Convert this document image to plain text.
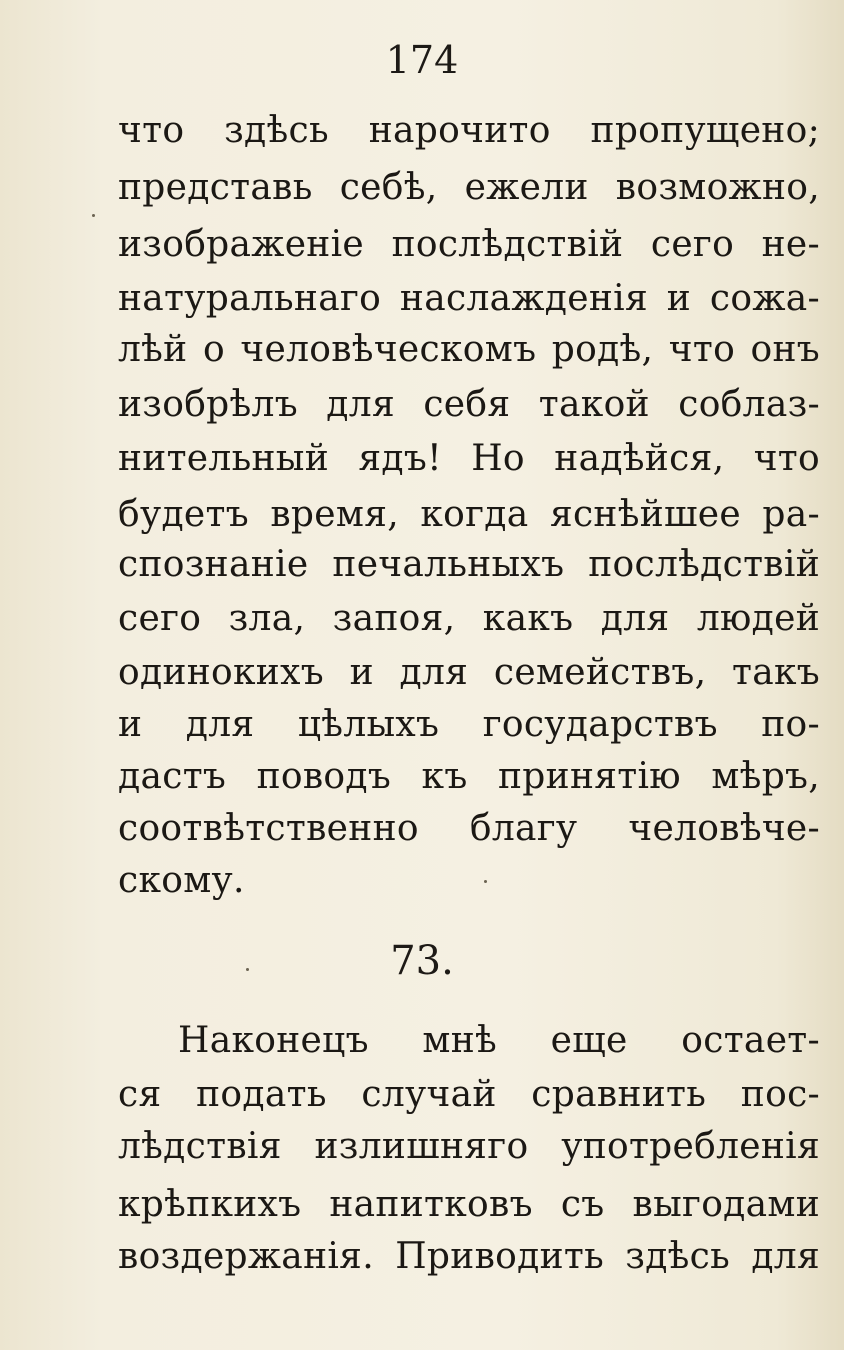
174
что здѣсь нарочито пропущено;
представь себѣ, ежели возможно,
изображеніе послѣдствій сего не-
натуральнаго наслажденія и сожа-
лѣй о человѣческомъ родѣ, что онъ
изобрѣлъ для себя такой соблаз-
нительный ядъ! Но надѣйся, что
будетъ время, когда яснѣйшее ра-
спознаніе печальныхъ послѣдствій
сего зла, запоя, какъ для людей
одинокихъ и для семействъ, такъ
и для цѣлыхъ государствъ по-
дастъ поводъ къ принятію мѣръ,
соотвѣтственно благу человѣче-
скому.
73.
Наконецъ мнѣ еще остает-
ся подать случай сравнить пос-
лѣдствія излишняго употребленія
крѣпкихъ напитковъ съ выгодами
воздержанія. Приводить здѣсь для
